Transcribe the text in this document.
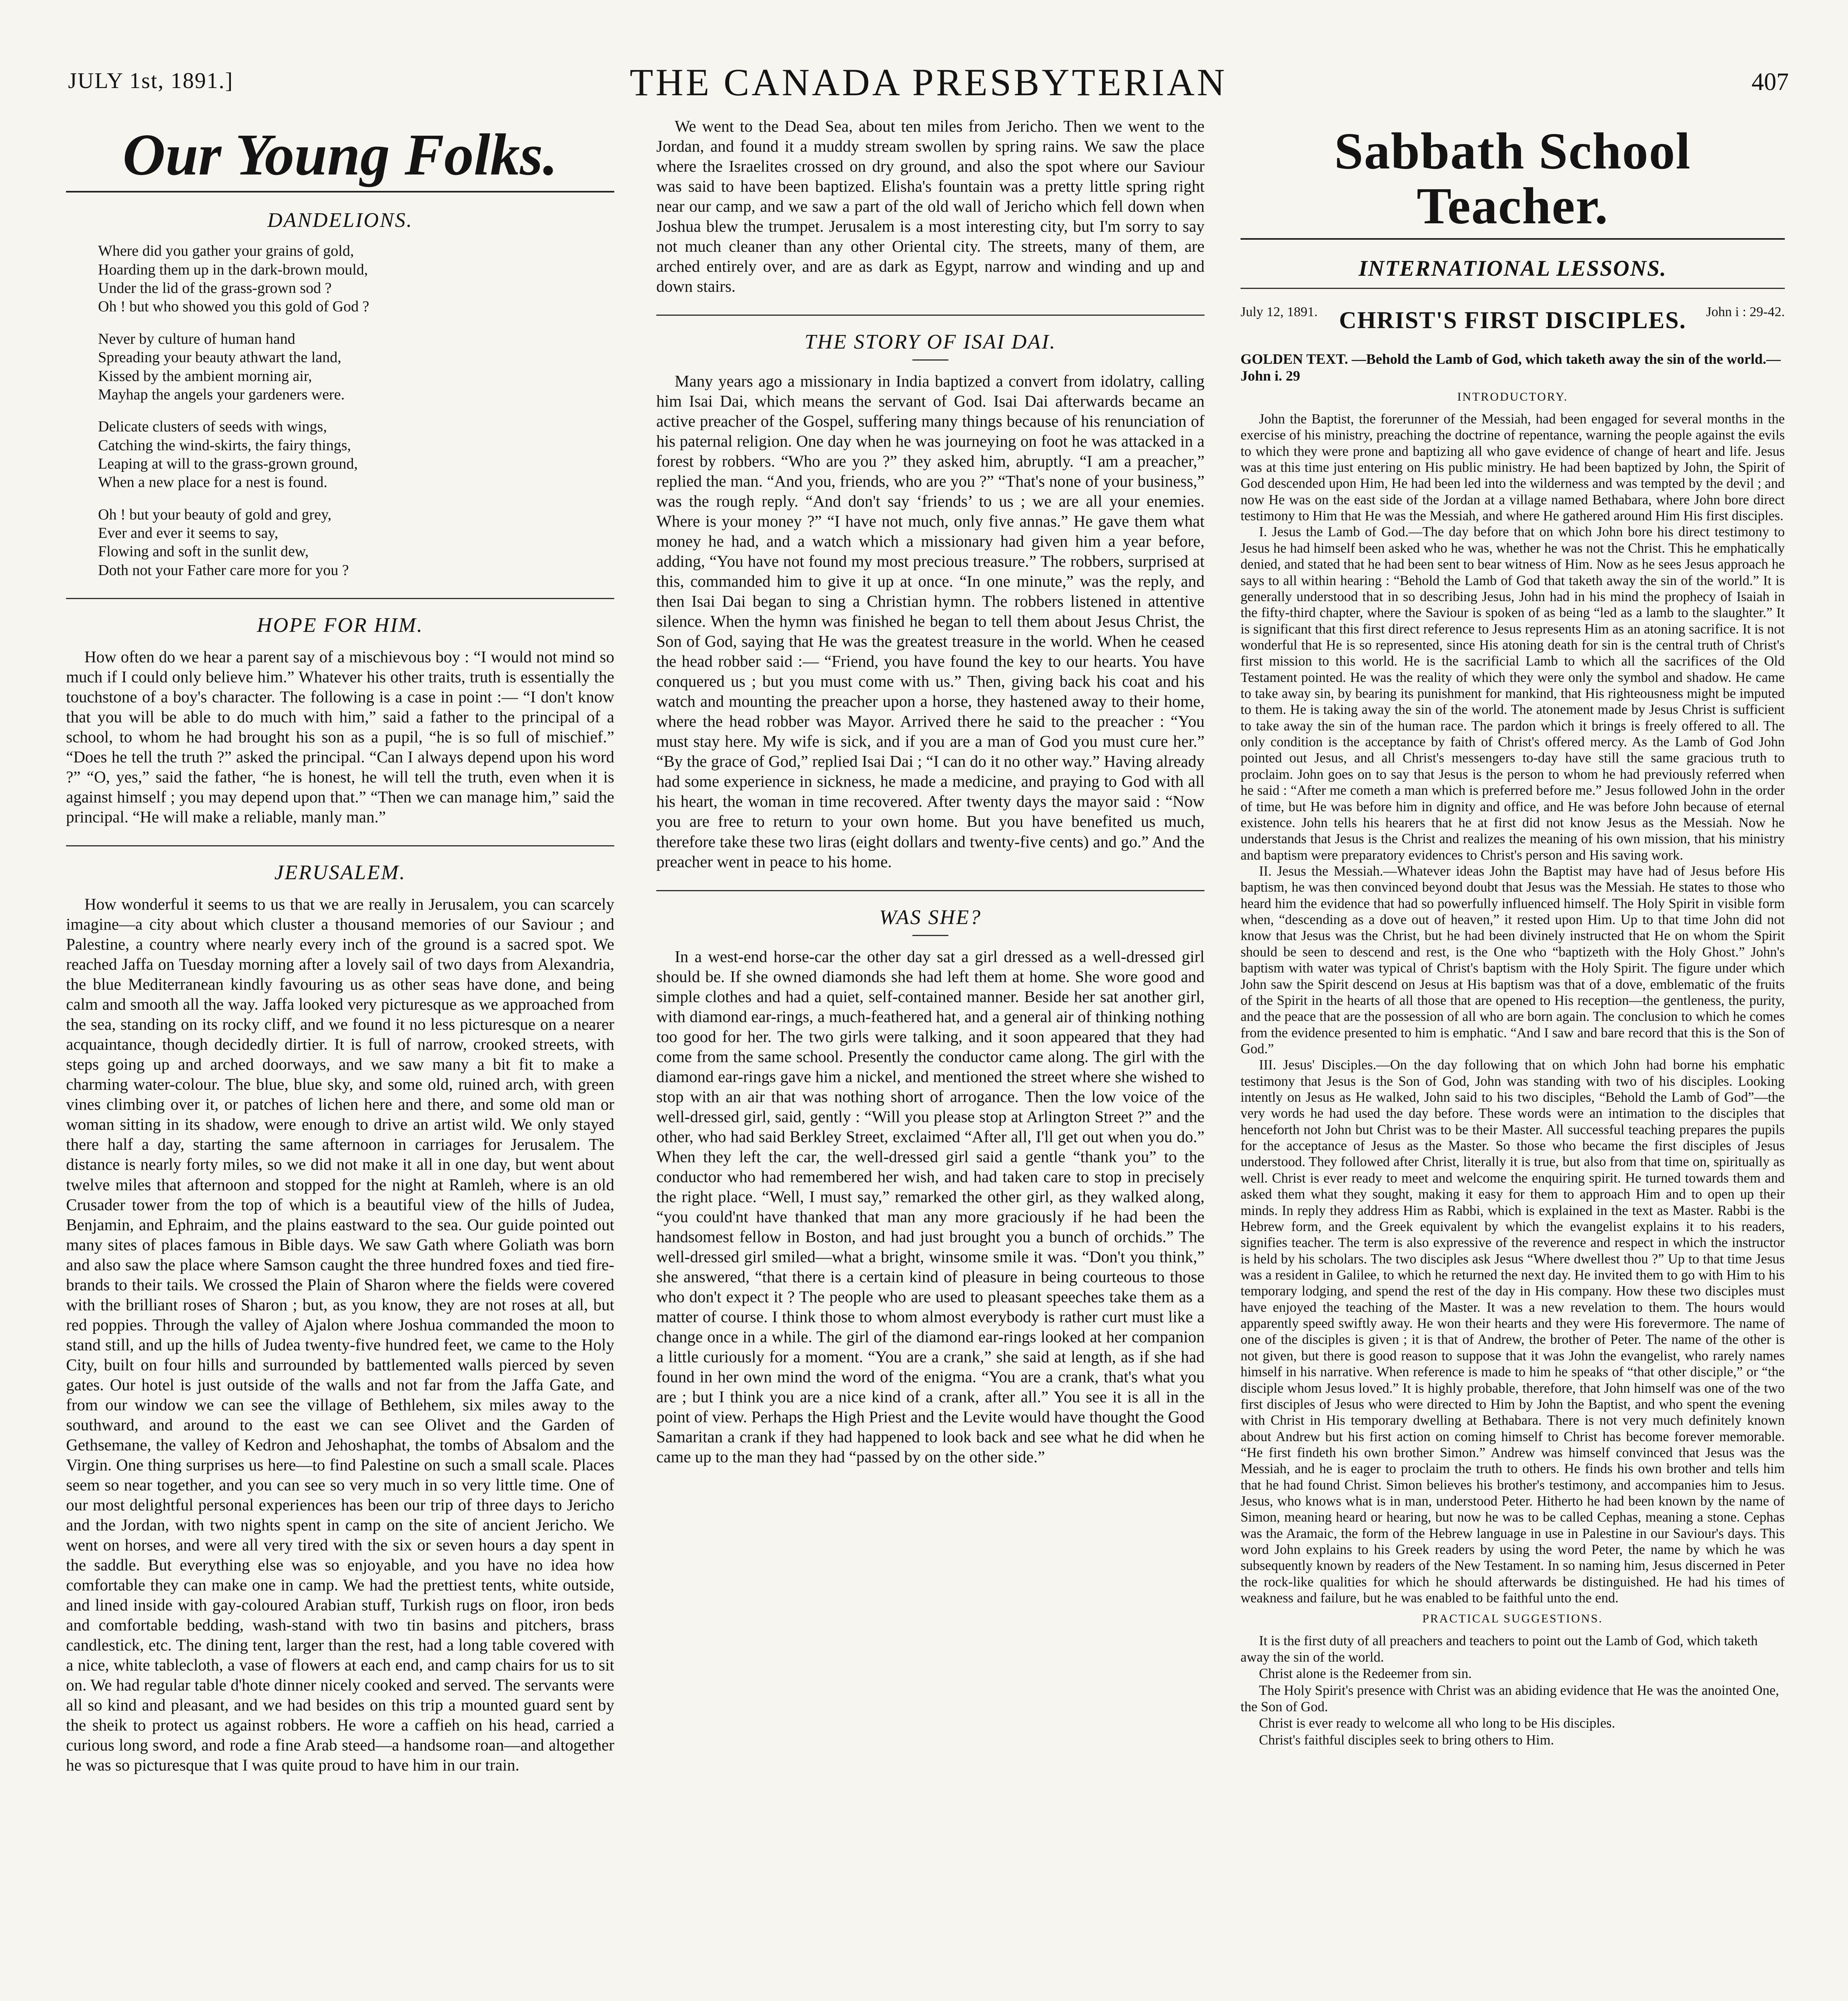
JULY 1st, 1891.]	THE CANADA PRESBYTERIAN	407
Our Young Folks.
DANDELIONS.
Where did you gather your grains of gold,
Hoarding them up in the dark-brown mould,
Under the lid of the grass-grown sod ?
Oh ! but who showed you this gold of God ?
Never by culture of human hand
Spreading your beauty athwart the land,
Kissed by the ambient morning air,
Mayhap the angels your gardeners were.
Delicate clusters of seeds with wings,
Catching the wind-skirts, the fairy things,
Leaping at will to the grass-grown ground,
When a new place for a nest is found.
Oh ! but your beauty of gold and grey,
Ever and ever it seems to say,
Flowing and soft in the sunlit dew,
Doth not your Father care more for you ?
HOPE FOR HIM.

How often do we hear a parent say of a mischievous boy : “I would not mind so much if I could only believe him.” Whatever his other traits, truth is essentially the touchstone of a boy's character. The following is a case in point :— “I don't know that you will be able to do much with him,” said a father to the principal of a school, to whom he had brought his son as a pupil, “he is so full of mischief.” “Does he tell the truth ?” asked the principal. “Can I always depend upon his word ?” “O, yes,” said the father, “he is honest, he will tell the truth, even when it is against himself ; you may depend upon that.” “Then we can manage him,” said the principal. “He will make a reliable, manly man.”

JERUSALEM.

How wonderful it seems to us that we are really in Jerusalem, you can scarcely imagine—a city about which cluster a thousand memories of our Saviour ; and Palestine, a country where nearly every inch of the ground is a sacred spot. We reached Jaffa on Tuesday morning after a lovely sail of two days from Alexandria, the blue Mediterranean kindly favouring us as other seas have done, and being calm and smooth all the way. Jaffa looked very picturesque as we approached from the sea, standing on its rocky cliff, and we found it no less picturesque on a nearer acquaintance, though decidedly dirtier. It is full of narrow, crooked streets, with steps going up and arched doorways, and we saw many a bit fit to make a charming water-colour. The blue, blue sky, and some old, ruined arch, with green vines climbing over it, or patches of lichen here and there, and some old man or woman sitting in its shadow, were enough to drive an artist wild. We only stayed there half a day, starting the same afternoon in carriages for Jerusalem. The distance is nearly forty miles, so we did not make it all in one day, but went about twelve miles that afternoon and stopped for the night at Ramleh, where is an old Crusader tower from the top of which is a beautiful view of the hills of Judea, Benjamin, and Ephraim, and the plains eastward to the sea. Our guide pointed out many sites of places famous in Bible days. We saw Gath where Goliath was born and also saw the place where Samson caught the three hundred foxes and tied fire-brands to their tails. We crossed the Plain of Sharon where the fields were covered with the brilliant roses of Sharon ; but, as you know, they are not roses at all, but red poppies. Through the valley of Ajalon where Joshua commanded the moon to stand still, and up the hills of Judea twenty-five hundred feet, we came to the Holy City, built on four hills and surrounded by battlemented walls pierced by seven gates. Our hotel is just outside of the walls and not far from the Jaffa Gate, and from our window we can see the village of Bethlehem, six miles away to the southward, and around to the east we can see Olivet and the Garden of Gethsemane, the valley of Kedron and Jehoshaphat, the tombs of Absalom and the Virgin. One thing surprises us here—to find Palestine on such a small scale. Places seem so near together, and you can see so very much in so very little time. One of our most delightful personal experiences has been our trip of three days to Jericho and the Jordan, with two nights spent in camp on the site of ancient Jericho. We went on horses, and were all very tired with the six or seven hours a day spent in the saddle. But everything else was so enjoyable, and you have no idea how comfortable they can make one in camp. We had the prettiest tents, white outside, and lined inside with gay-coloured Arabian stuff, Turkish rugs on floor, iron beds and comfortable bedding, wash-stand with two tin basins and pitchers, brass candlestick, etc. The dining tent, larger than the rest, had a long table covered with a nice, white tablecloth, a vase of flowers at each end, and camp chairs for us to sit on. We had regular table d'hote dinner nicely cooked and served. The servants were all so kind and pleasant, and we had besides on this trip a mounted guard sent by the sheik to protect us against robbers. He wore a caffieh on his head, carried a curious long sword, and rode a fine Arab steed—a handsome roan—and altogether he was so picturesque that I was quite proud to have him in our train.

We went to the Dead Sea, about ten miles from Jericho. Then we went to the Jordan, and found it a muddy stream swollen by spring rains. We saw the place where the Israelites crossed on dry ground, and also the spot where our Saviour was said to have been baptized. Elisha's fountain was a pretty little spring right near our camp, and we saw a part of the old wall of Jericho which fell down when Joshua blew the trumpet. Jerusalem is a most interesting city, but I'm sorry to say not much cleaner than any other Oriental city. The streets, many of them, are arched entirely over, and are as dark as Egypt, narrow and winding and up and down stairs.

THE STORY OF ISAI DAI.

Many years ago a missionary in India baptized a convert from idolatry, calling him Isai Dai, which means the servant of God. Isai Dai afterwards became an active preacher of the Gospel, suffering many things because of his renunciation of his paternal religion. One day when he was journeying on foot he was attacked in a forest by robbers. “Who are you ?” they asked him, abruptly. “I am a preacher,” replied the man. “And you, friends, who are you ?” “That's none of your business,” was the rough reply. “And don't say ‘friends’ to us ; we are all your enemies. Where is your money ?” “I have not much, only five annas.” He gave them what money he had, and a watch which a missionary had given him a year before, adding, “You have not found my most precious treasure.” The robbers, surprised at this, commanded him to give it up at once. “In one minute,” was the reply, and then Isai Dai began to sing a Christian hymn. The robbers listened in attentive silence. When the hymn was finished he began to tell them about Jesus Christ, the Son of God, saying that He was the greatest treasure in the world. When he ceased the head robber said :— “Friend, you have found the key to our hearts. You have conquered us ; but you must come with us.” Then, giving back his coat and his watch and mounting the preacher upon a horse, they hastened away to their home, where the head robber was Mayor. Arrived there he said to the preacher : “You must stay here. My wife is sick, and if you are a man of God you must cure her.” “By the grace of God,” replied Isai Dai ; “I can do it no other way.” Having already had some experience in sickness, he made a medicine, and praying to God with all his heart, the woman in time recovered. After twenty days the mayor said : “Now you are free to return to your own home. But you have benefited us much, therefore take these two liras (eight dollars and twenty-five cents) and go.” And the preacher went in peace to his home.

WAS SHE?

In a west-end horse-car the other day sat a girl dressed as a well-dressed girl should be. If she owned diamonds she had left them at home. She wore good and simple clothes and had a quiet, self-contained manner. Beside her sat another girl, with diamond ear-rings, a much-feathered hat, and a general air of thinking nothing too good for her. The two girls were talking, and it soon appeared that they had come from the same school. Presently the conductor came along. The girl with the diamond ear-rings gave him a nickel, and mentioned the street where she wished to stop with an air that was nothing short of arrogance. Then the low voice of the well-dressed girl, said, gently : “Will you please stop at Arlington Street ?” and the other, who had said Berkley Street, exclaimed “After all, I'll get out when you do.” When they left the car, the well-dressed girl said a gentle “thank you” to the conductor who had remembered her wish, and had taken care to stop in precisely the right place. “Well, I must say,” remarked the other girl, as they walked along, “you could'nt have thanked that man any more graciously if he had been the handsomest fellow in Boston, and had just brought you a bunch of orchids.” The well-dressed girl smiled—what a bright, winsome smile it was. “Don't you think,” she answered, “that there is a certain kind of pleasure in being courteous to those who don't expect it ? The people who are used to pleasant speeches take them as a matter of course. I think those to whom almost everybody is rather curt must like a change once in a while. The girl of the diamond ear-rings looked at her companion a little curiously for a moment. “You are a crank,” she said at length, as if she had found in her own mind the word of the enigma. “You are a crank, that's what you are ; but I think you are a nice kind of a crank, after all.” You see it is all in the point of view. Perhaps the High Priest and the Levite would have thought the Good Samaritan a crank if they had happened to look back and see what he did when he came up to the man they had “passed by on the other side.”

Sabbath School Teacher.
INTERNATIONAL LESSONS.
July 12, 1891. CHRIST'S FIRST DISCIPLES.	John i : 29-42.
GOLDEN TEXT. —Behold the Lamb of God, which taketh away the sin of the world.—John i. 29
INTRODUCTORY.

John the Baptist, the forerunner of the Messiah, had been engaged for several months in the exercise of his ministry, preaching the doctrine of repentance, warning the people against the evils to which they were prone and baptizing all who gave evidence of change of heart and life. Jesus was at this time just entering on His public ministry. He had been baptized by John, the Spirit of God descended upon Him, He had been led into the wilderness and was tempted by the devil ; and now He was on the east side of the Jordan at a village named Bethabara, where John bore direct testimony to Him that He was the Messiah, and where He gathered around Him His first disciples.

I. Jesus the Lamb of God.—The day before that on which John bore his direct testimony to Jesus he had himself been asked who he was, whether he was not the Christ. This he emphatically denied, and stated that he had been sent to bear witness of Him. Now as he sees Jesus approach he says to all within hearing : “Behold the Lamb of God that taketh away the sin of the world.” It is generally understood that in so describing Jesus, John had in his mind the prophecy of Isaiah in the fifty-third chapter, where the Saviour is spoken of as being “led as a lamb to the slaughter.” It is significant that this first direct reference to Jesus represents Him as an atoning sacrifice. It is not wonderful that He is so represented, since His atoning death for sin is the central truth of Christ's first mission to this world. He is the sacrificial Lamb to which all the sacrifices of the Old Testament pointed. He was the reality of which they were only the symbol and shadow. He came to take away sin, by bearing its punishment for mankind, that His righteousness might be imputed to them. He is taking away the sin of the world. The atonement made by Jesus Christ is sufficient to take away the sin of the human race. The pardon which it brings is freely offered to all. The only condition is the acceptance by faith of Christ's offered mercy. As the Lamb of God John pointed out Jesus, and all Christ's messengers to-day have still the same gracious truth to proclaim. John goes on to say that Jesus is the person to whom he had previously referred when he said : “After me cometh a man which is preferred before me.” Jesus followed John in the order of time, but He was before him in dignity and office, and He was before John because of eternal existence. John tells his hearers that he at first did not know Jesus as the Messiah. Now he understands that Jesus is the Christ and realizes the meaning of his own mission, that his ministry and baptism were preparatory evidences to Christ's person and His saving work.

II. Jesus the Messiah.—Whatever ideas John the Baptist may have had of Jesus before His baptism, he was then convinced beyond doubt that Jesus was the Messiah. He states to those who heard him the evidence that had so powerfully influenced himself. The Holy Spirit in visible form when, “descending as a dove out of heaven,” it rested upon Him. Up to that time John did not know that Jesus was the Christ, but he had been divinely instructed that He on whom the Spirit should be seen to descend and rest, is the One who “baptizeth with the Holy Ghost.” John's baptism with water was typical of Christ's baptism with the Holy Spirit. The figure under which John saw the Spirit descend on Jesus at His baptism was that of a dove, emblematic of the fruits of the Spirit in the hearts of all those that are opened to His reception—the gentleness, the purity, and the peace that are the possession of all who are born again. The conclusion to which he comes from the evidence presented to him is emphatic. “And I saw and bare record that this is the Son of God.”

III. Jesus' Disciples.—On the day following that on which John had borne his emphatic testimony that Jesus is the Son of God, John was standing with two of his disciples. Looking intently on Jesus as He walked, John said to his two disciples, “Behold the Lamb of God”—the very words he had used the day before. These words were an intimation to the disciples that henceforth not John but Christ was to be their Master. All successful teaching prepares the pupils for the acceptance of Jesus as the Master. So those who became the first disciples of Jesus understood. They followed after Christ, literally it is true, but also from that time on, spiritually as well. Christ is ever ready to meet and welcome the enquiring spirit. He turned towards them and asked them what they sought, making it easy for them to approach Him and to open up their minds. In reply they address Him as Rabbi, which is explained in the text as Master. Rabbi is the Hebrew form, and the Greek equivalent by which the evangelist explains it to his readers, signifies teacher. The term is also expressive of the reverence and respect in which the instructor is held by his scholars. The two disciples ask Jesus “Where dwellest thou ?” Up to that time Jesus was a resident in Galilee, to which he returned the next day. He invited them to go with Him to his temporary lodging, and spend the rest of the day in His company. How these two disciples must have enjoyed the teaching of the Master. It was a new revelation to them. The hours would apparently speed swiftly away. He won their hearts and they were His forevermore. The name of one of the disciples is given ; it is that of Andrew, the brother of Peter. The name of the other is not given, but there is good reason to suppose that it was John the evangelist, who rarely names himself in his narrative. When reference is made to him he speaks of “that other disciple,” or “the disciple whom Jesus loved.” It is highly probable, therefore, that John himself was one of the two first disciples of Jesus who were directed to Him by John the Baptist, and who spent the evening with Christ in His temporary dwelling at Bethabara. There is not very much definitely known about Andrew but his first action on coming himself to Christ has become forever memorable. “He first findeth his own brother Simon.” Andrew was himself convinced that Jesus was the Messiah, and he is eager to proclaim the truth to others. He finds his own brother and tells him that he had found Christ. Simon believes his brother's testimony, and accompanies him to Jesus. Jesus, who knows what is in man, understood Peter. Hitherto he had been known by the name of Simon, meaning heard or hearing, but now he was to be called Cephas, meaning a stone. Cephas was the Aramaic, the form of the Hebrew language in use in Palestine in our Saviour's days. This word John explains to his Greek readers by using the word Peter, the name by which he was subsequently known by readers of the New Testament. In so naming him, Jesus discerned in Peter the rock-like qualities for which he should afterwards be distinguished. He had his times of weakness and failure, but he was enabled to be faithful unto the end.

PRACTICAL SUGGESTIONS.

It is the first duty of all preachers and teachers to point out the Lamb of God, which taketh away the sin of the world.

Christ alone is the Redeemer from sin.

The Holy Spirit's presence with Christ was an abiding evidence that He was the anointed One, the Son of God.

Christ is ever ready to welcome all who long to be His disciples.

Christ's faithful disciples seek to bring others to Him.
